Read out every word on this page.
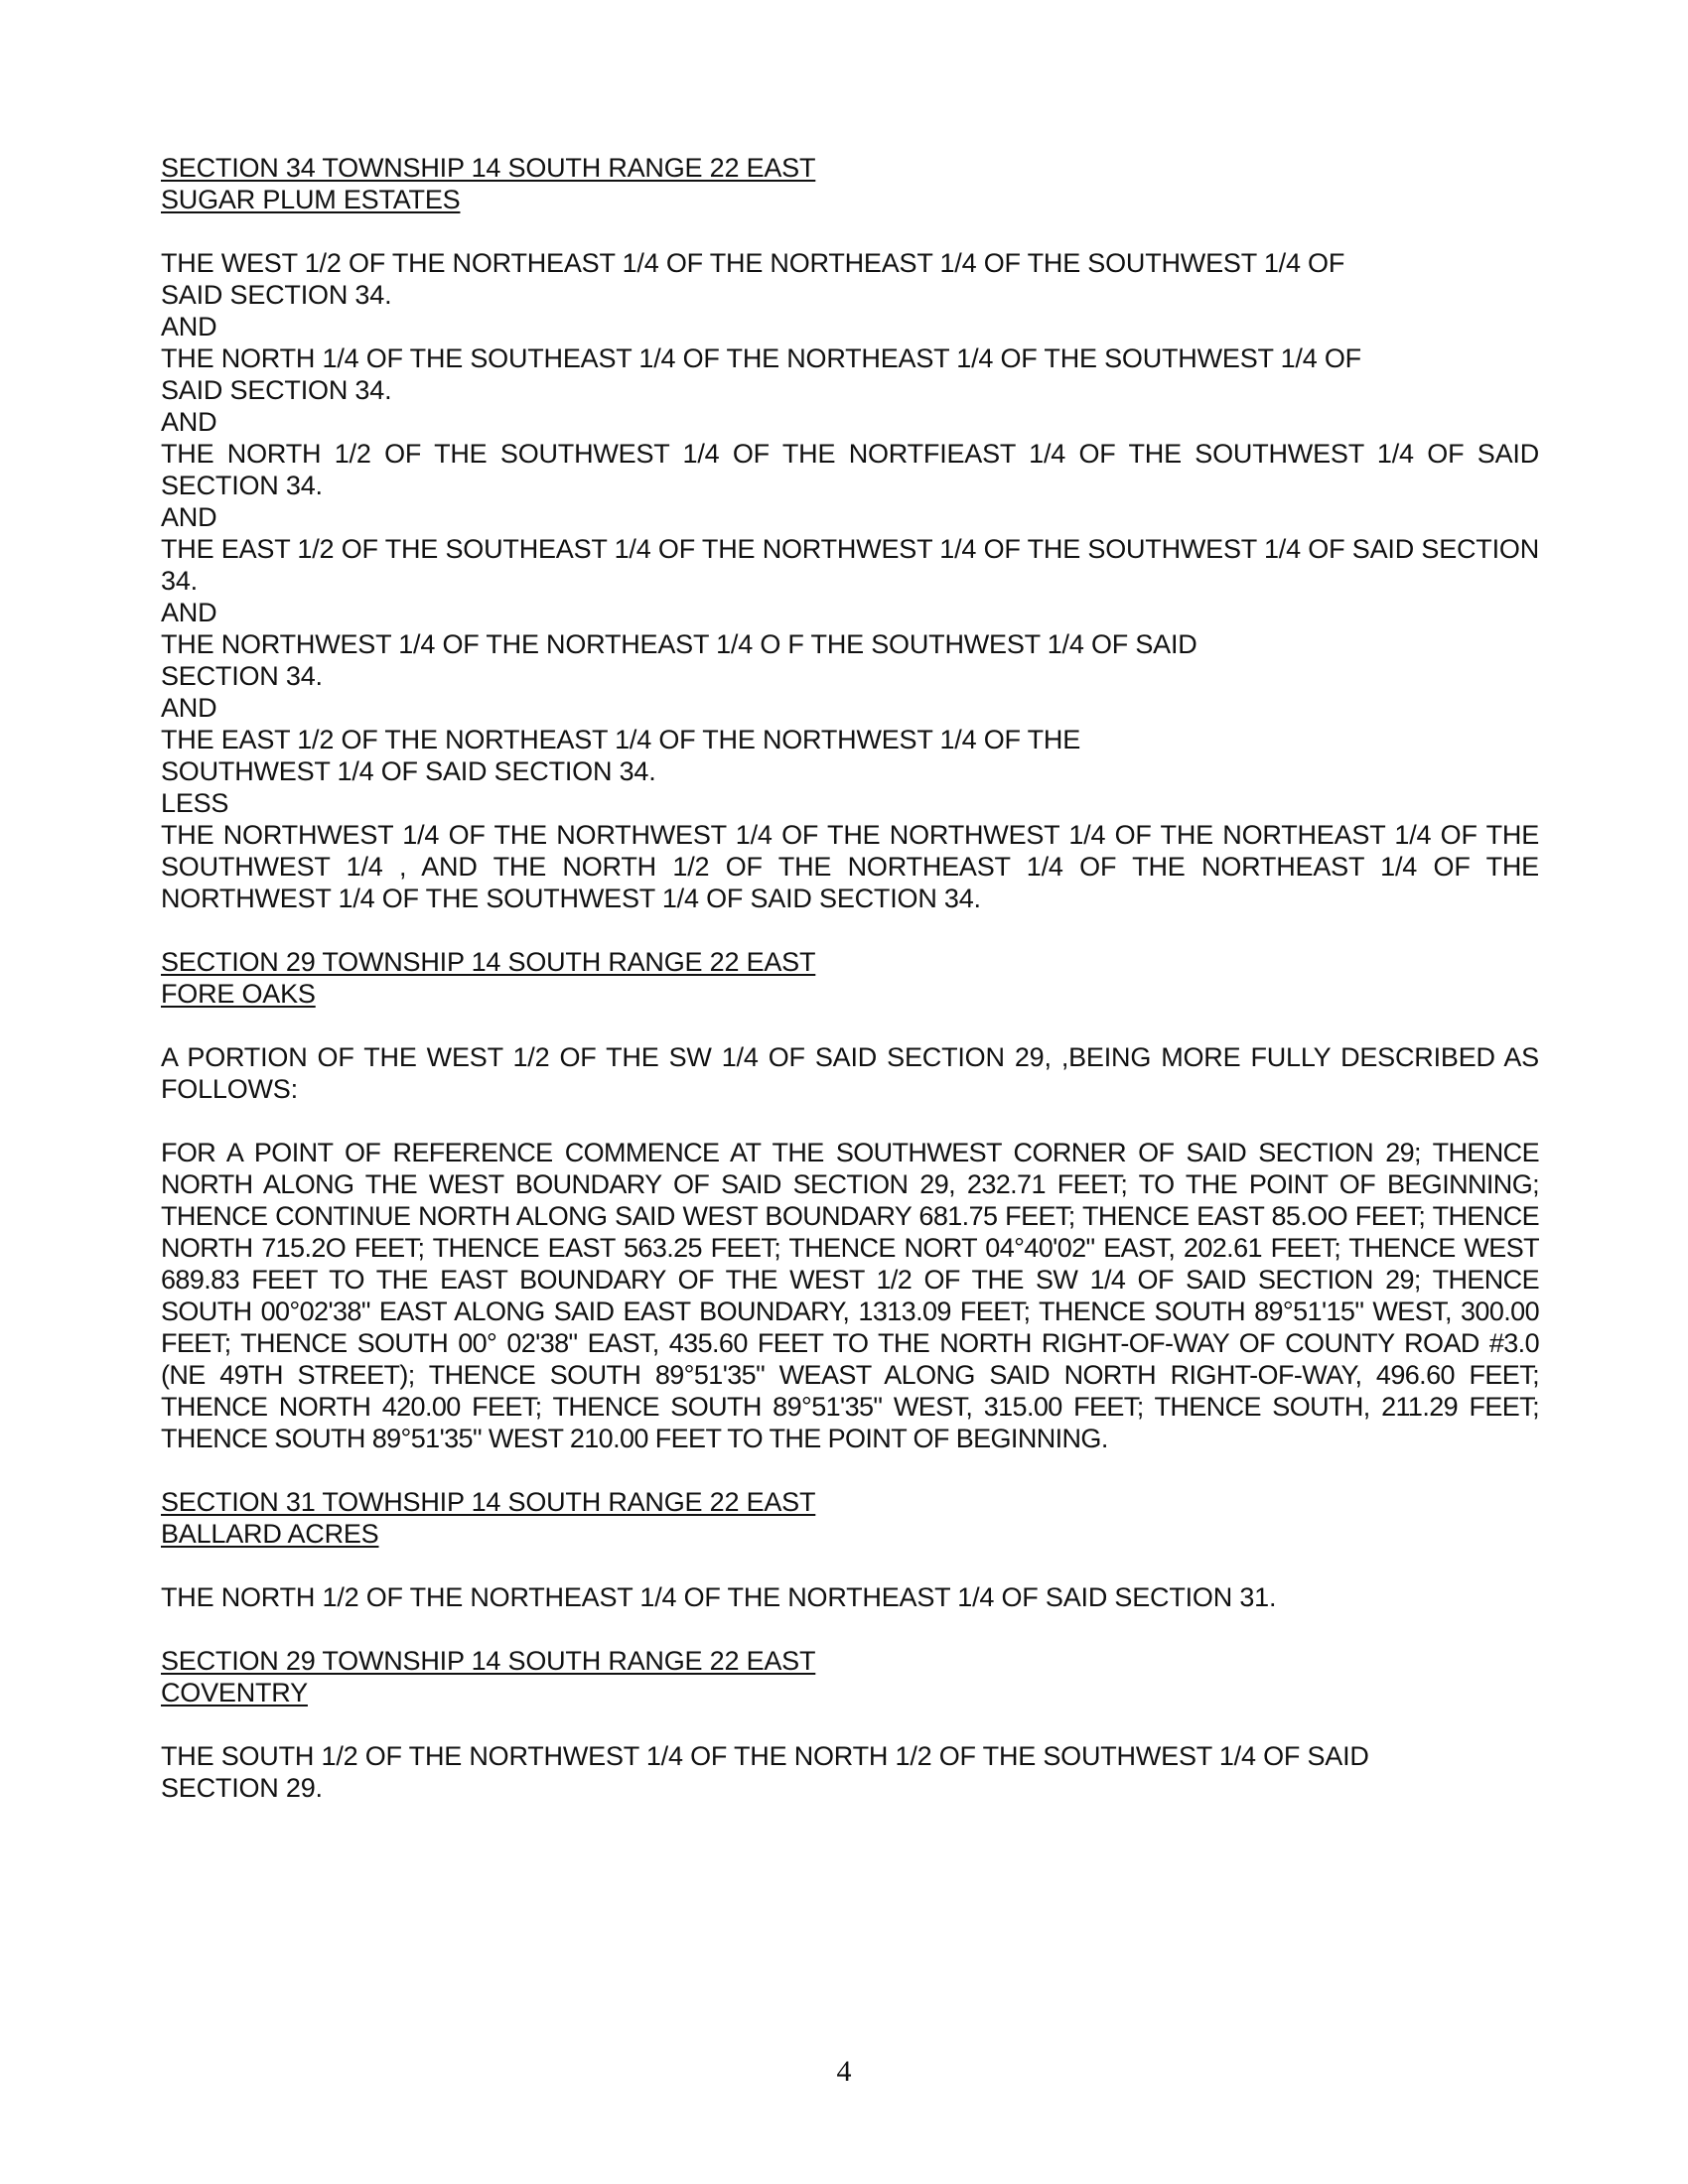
SECTION 34 TOWNSHIP 14 SOUTH RANGE 22 EAST
SUGAR PLUM ESTATES

THE WEST 1/2 OF THE NORTHEAST 1/4 OF THE NORTHEAST 1/4 OF THE SOUTHWEST 1/4 OF SAID SECTION 34.

AND

THE NORTH 1/4 OF THE SOUTHEAST 1/4 OF THE NORTHEAST 1/4 OF THE SOUTHWEST 1/4 OF SAID SECTION 34.

AND

THE NORTH 1/2 OF THE SOUTHWEST 1/4 OF THE NORTFIEAST 1/4 OF THE SOUTHWEST 1/4 OF SAID SECTION 34.

AND

THE EAST 1/2 OF THE SOUTHEAST 1/4 OF THE NORTHWEST 1/4 OF THE SOUTHWEST 1/4 OF SAID SECTION 34.

AND

THE NORTHWEST 1/4 OF THE NORTHEAST 1/4 O F THE SOUTHWEST 1/4 OF SAID

SECTION 34.

AND

THE EAST 1/2 OF THE NORTHEAST 1/4 OF THE NORTHWEST 1/4 OF THE

SOUTHWEST 1/4 OF SAID SECTION 34.

LESS

THE NORTHWEST 1/4 OF THE NORTHWEST 1/4 OF THE NORTHWEST 1/4 OF THE NORTHEAST 1/4 OF THE SOUTHWEST 1/4 , AND THE NORTH 1/2 OF THE NORTHEAST 1/4 OF THE NORTHEAST 1/4 OF THE NORTHWEST 1/4 OF THE SOUTHWEST 1/4 OF SAID SECTION 34.

SECTION 29 TOWNSHIP 14 SOUTH RANGE 22 EAST
FORE OAKS

A PORTION OF THE WEST 1/2 OF THE SW 1/4 OF SAID SECTION 29, ,BEING MORE FULLY DESCRIBED AS FOLLOWS:

FOR A POINT OF REFERENCE COMMENCE AT THE SOUTHWEST CORNER OF SAID SECTION 29; THENCE NORTH ALONG THE WEST BOUNDARY OF SAID SECTION 29, 232.71 FEET; TO THE POINT OF BEGINNING; THENCE CONTINUE NORTH ALONG SAID WEST BOUNDARY 681.75 FEET; THENCE EAST 85.OO FEET; THENCE NORTH 715.2O FEET; THENCE EAST 563.25 FEET; THENCE NORT 04°40'02" EAST, 202.61 FEET; THENCE WEST 689.83 FEET TO THE EAST BOUNDARY OF THE WEST 1/2 OF THE SW 1/4 OF SAID SECTION 29; THENCE SOUTH 00°02'38" EAST ALONG SAID EAST BOUNDARY, 1313.09 FEET; THENCE SOUTH 89°51'15" WEST, 300.00 FEET; THENCE SOUTH 00° 02'38" EAST, 435.60 FEET TO THE NORTH RIGHT-OF-WAY OF COUNTY ROAD #3.0 (NE 49TH STREET); THENCE SOUTH 89°51'35" WEAST ALONG SAID NORTH RIGHT-OF-WAY, 496.60 FEET; THENCE NORTH 420.00 FEET; THENCE SOUTH 89°51'35" WEST, 315.00 FEET; THENCE SOUTH, 211.29 FEET; THENCE SOUTH 89°51'35" WEST 210.00 FEET TO THE POINT OF BEGINNING.

SECTION 31 TOWHSHIP 14 SOUTH RANGE 22 EAST
BALLARD ACRES

THE NORTH 1/2 OF THE NORTHEAST 1/4 OF THE NORTHEAST 1/4 OF SAID SECTION 31.

SECTION 29 TOWNSHIP 14 SOUTH RANGE 22 EAST
COVENTRY

THE SOUTH 1/2 OF THE NORTHWEST 1/4 OF THE NORTH 1/2 OF THE SOUTHWEST 1/4 OF SAID

SECTION 29.

4
